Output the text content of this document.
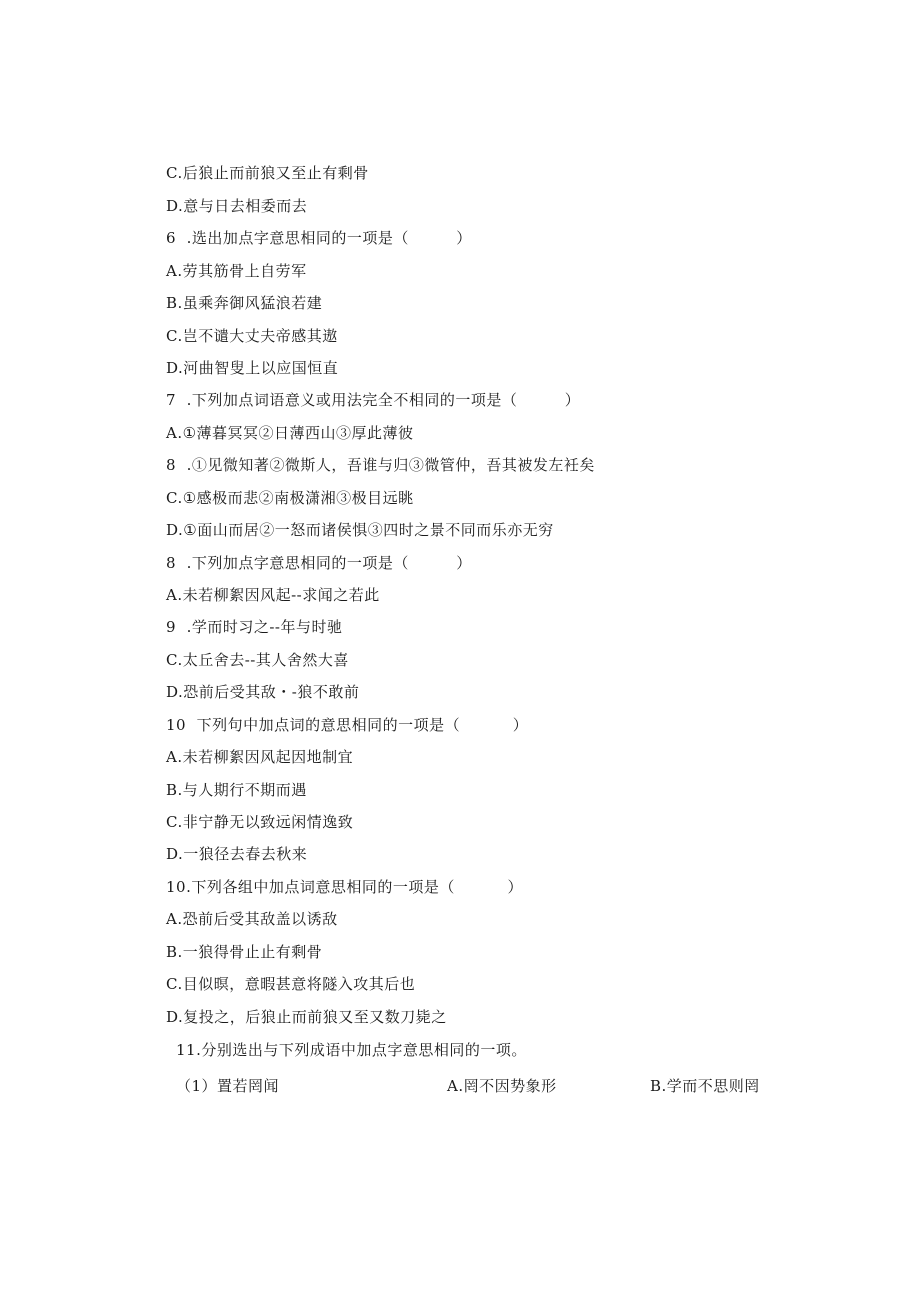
C.后狼止而前狼又至止有剩骨
D.意与日去相委而去
6  .选出加点字意思相同的一项是（         ）
A.劳其筋骨上自劳军
B.虽乘奔御风猛浪若建
C.岂不谴大丈夫帝感其遨
D.河曲智叟上以应国恒直
7  .下列加点词语意义或用法完全不相同的一项是（         ）
A.①薄暮冥冥②日薄西山③厚此薄彼
8  .①见微知著②微斯人，吾谁与归③微管仲，吾其被发左衽矣
C.①感极而悲②南极潇湘③极目远眺
D.①面山而居②一怒而诸侯惧③四时之景不同而乐亦无穷
8  .下列加点字意思相同的一项是（         ）
A.未若柳絮因风起--求闻之若此
9  .学而时习之--年与时驰
C.太丘舍去--其人舍然大喜
D.恐前后受其敌・-狼不敢前
10  下列句中加点词的意思相同的一项是（          ）
A.未若柳絮因风起因地制宜
B.与人期行不期而遇
C.非宁静无以致远闲情逸致
D.一狼径去春去秋来
10.下列各组中加点词意思相同的一项是（          ）
A.恐前后受其敌盖以诱敌
B.一狼得骨止止有剩骨
C.目似暝，意暇甚意将隧入攻其后也
D.复投之，后狼止而前狼又至又数刀毙之
11.分别选出与下列成语中加点字意思相同的一项。

（1）置若罔闻

	A.罔不因势象形

	B.学而不思则罔
